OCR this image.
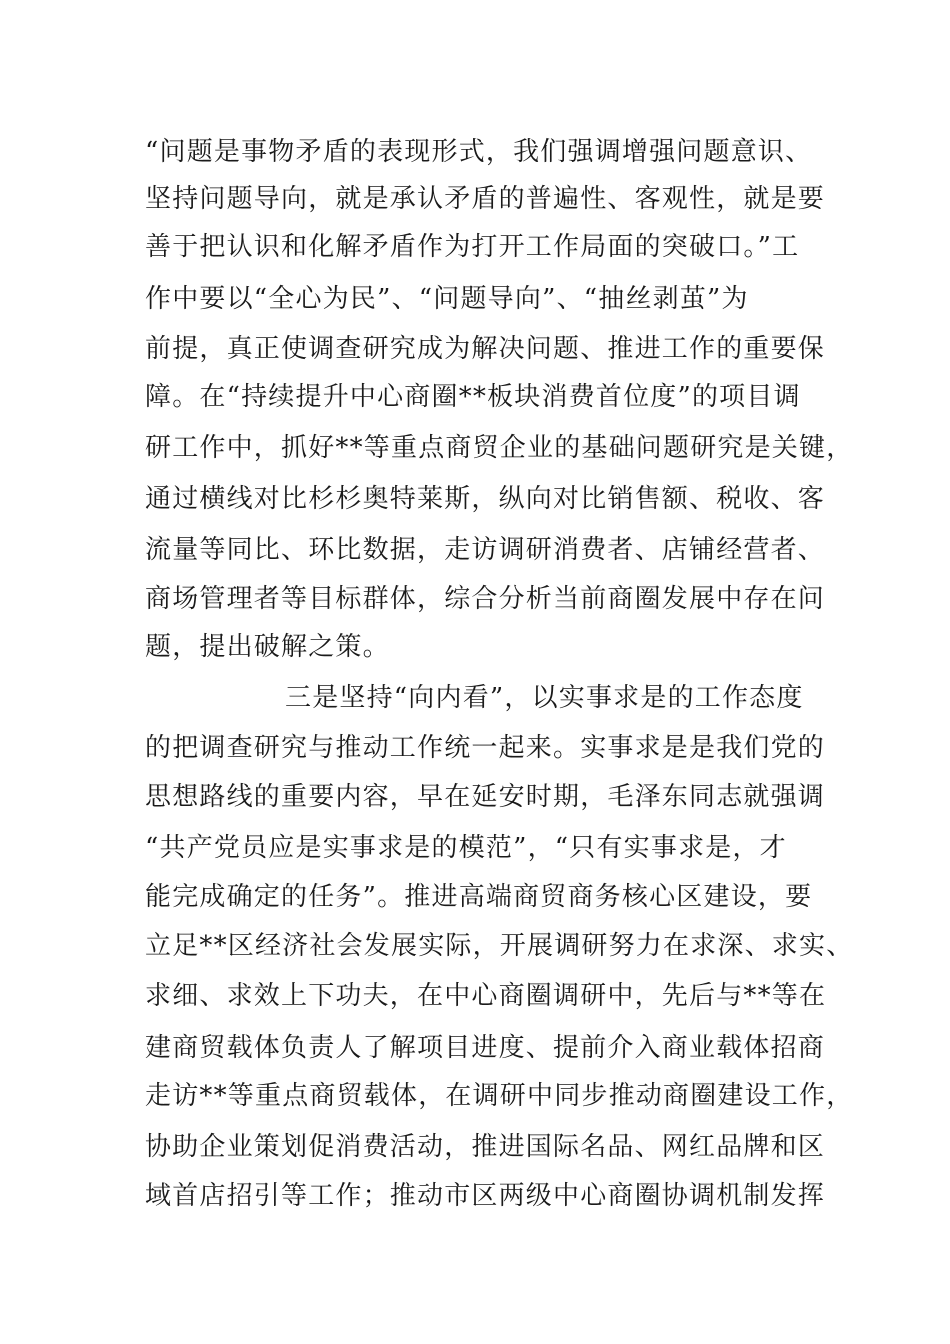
“问题是事物矛盾的表现形式，我们强调增强问题意识、
坚持问题导向，就是承认矛盾的普遍性、客观性，就是要
善于把认识和化解矛盾作为打开工作局面的突破口。”工
作中要以“全心为民”、“问题导向”、“抽丝剥茧”为
前提，真正使调查研究成为解决问题、推进工作的重要保
障。在“持续提升中心商圈**板块消费首位度”的项目调
研工作中，抓好**等重点商贸企业的基础问题研究是关键，
通过横线对比杉杉奥特莱斯，纵向对比销售额、税收、客
流量等同比、环比数据，走访调研消费者、店铺经营者、
商场管理者等目标群体，综合分析当前商圈发展中存在问
题，提出破解之策。
三是坚持“向内看”，以实事求是的工作态度
的把调查研究与推动工作统一起来。实事求是是我们党的
思想路线的重要内容，早在延安时期，毛泽东同志就强调
“共产党员应是实事求是的模范”，“只有实事求是，才
能完成确定的任务”。推进高端商贸商务核心区建设，要
立足**区经济社会发展实际，开展调研努力在求深、求实、
求细、求效上下功夫，在中心商圈调研中，先后与**等在
建商贸载体负责人了解项目进度、提前介入商业载体招商
走访**等重点商贸载体，在调研中同步推动商圈建设工作，
协助企业策划促消费活动，推进国际名品、网红品牌和区
域首店招引等工作；推动市区两级中心商圈协调机制发挥
